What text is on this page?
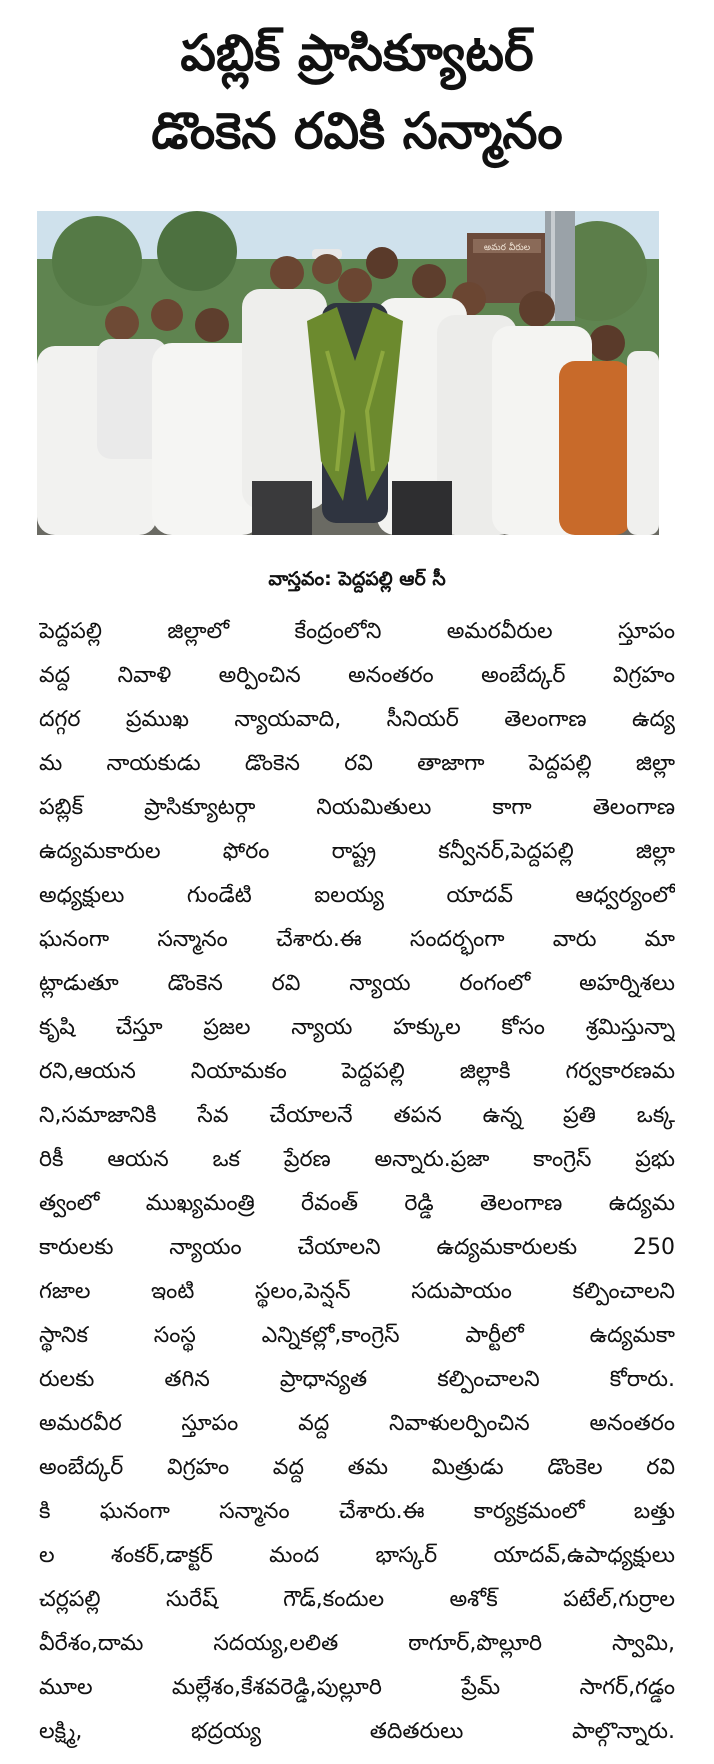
పబ్లిక్ ప్రాసిక్యూటర్
డొంకెన రవికి సన్మానం
అమర వీరుల
వాస్తవం: పెద్దపల్లి ఆర్ సీ
పెద్దపల్లి జిల్లాలో కేంద్రంలోని అమరవీరుల స్తూపం
వద్ద నివాళి అర్పించిన అనంతరం అంబేద్కర్ విగ్రహం
దగ్గర ప్రముఖ న్యాయవాది, సీనియర్ తెలంగాణ ఉద్య
మ నాయకుడు డొంకెన రవి తాజాగా పెద్దపల్లి జిల్లా
పబ్లిక్ ప్రాసిక్యూటర్గా నియమితులు కాగా తెలంగాణ
ఉద్యమకారుల ఫోరం రాష్ట్ర కన్వీనర్,పెద్దపల్లి జిల్లా
అధ్యక్షులు గుండేటి ఐలయ్య యాదవ్ ఆధ్వర్యంలో
ఘనంగా సన్మానం చేశారు.ఈ సందర్భంగా వారు మా
ట్లాడుతూ డొంకెన రవి న్యాయ రంగంలో అహర్నిశలు
కృషి చేస్తూ ప్రజల న్యాయ హక్కుల కోసం శ్రమిస్తున్నా
రని,ఆయన నియామకం పెద్దపల్లి జిల్లాకి గర్వకారణమ
ని,సమాజానికి సేవ చేయాలనే తపన ఉన్న ప్రతి ఒక్క
రికీ ఆయన ఒక ప్రేరణ అన్నారు.ప్రజా కాంగ్రెస్ ప్రభు
త్వంలో ముఖ్యమంత్రి రేవంత్ రెడ్డి తెలంగాణ ఉద్యమ
కారులకు న్యాయం చేయాలని ఉద్యమకారులకు 250
గజాల ఇంటి స్థలం,పెన్షన్ సదుపాయం కల్పించాలని
స్థానిక సంస్థ ఎన్నికల్లో,కాంగ్రెస్ పార్టీలో ఉద్యమకా
రులకు తగిన ప్రాధాన్యత కల్పించాలని కోరారు.
అమరవీర స్తూపం వద్ద నివాళులర్పించిన అనంతరం
అంబేద్కర్ విగ్రహం వద్ద తమ మిత్రుడు డొంకెల రవి
కి ఘనంగా సన్మానం చేశారు.ఈ కార్యక్రమంలో బత్తు
ల శంకర్,డాక్టర్ మంద భాస్కర్ యాదవ్,ఉపాధ్యక్షులు
చర్లపల్లి సురేష్ గౌడ్,కందుల అశోక్ పటేల్,గుర్రాల
వీరేశం,దామ సదయ్య,లలిత ఠాగూర్,పొల్లూరి స్వామి,
మూల మల్లేశం,కేశవరెడ్డి,పుల్లూరి ప్రేమ్ సాగర్,గడ్డం
లక్ష్మి, భద్రయ్య తదితరులు పాల్గొన్నారు.
